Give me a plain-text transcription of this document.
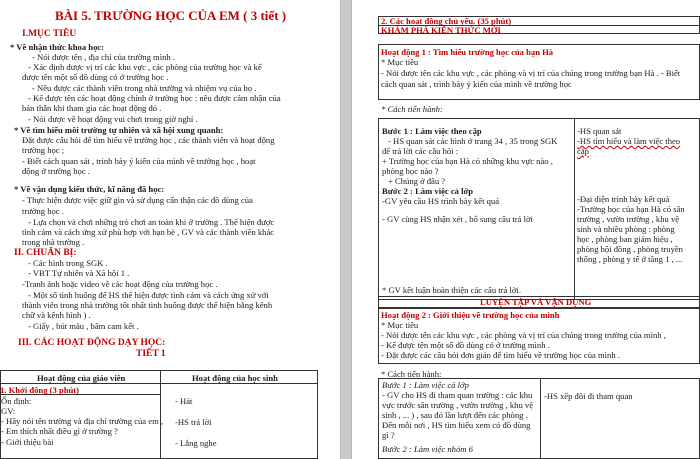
BÀI 5. TRƯỜNG HỌC CỦA EM ( 3 tiết )
I.MỤC TIÊU
* Về nhận thức khoa học:
- Nói được tên , địa chỉ của trường mình .
- Xác định được vị trí các khu vực , các phòng của trường học và kể
được tên một số đồ dùng có ở trường học .
- Nêu được các thành viên trong nhà trường và nhiệm vụ của họ .
- Kể được tên các hoạt động chính ở trường học : nêu được cảm nhận của
bản thân khi tham gia các hoạt động đó .
- Nói được về hoạt động vui chơi trong giờ nghỉ .
* Về tìm hiểu môi trường tự nhiên và xã hội xung quanh:
Đặt được câu hỏi để tìm hiểu về trường học , các thành viên và hoạt động
trường học ;
- Biết cách quan sát , trình bày ý kiến của mình về trường học , hoạt
động ở trường học .
* Về vận dụng kiến thức, kĩ năng đã học:
- Thực hiện được việc giữ gìn và sử dụng cẩn thận các đồ dùng của
trường học .
- Lựa chọn và chơi những trò chơi an toàn khi ở trường . Thể hiện được
tình cảm và cách ứng xử phù hợp với bạn bè , GV và các thành viên khác
trong nhà trường .
II. CHUẨN BỊ:
- Các hình trong SGK .
- VBT Tự nhiên và Xã hội 1 .
-Tranh ảnh hoặc video về các hoạt động của trường học .
- Một số tình huống để HS thể hiện được tình cảm và cách ứng xử với
thành viên trong nhà trường tốt nhất tình huống được thể hiện bằng kênh
chữ và kênh hình ) .
- Giấy , bút màu , băm cam kết .
III. CÁC HOẠT ĐỘNG DẠY HỌC:
TIẾT 1
Hoạt động của giáo viên	Hoạt động của học sinh
1. Khởi động (3 phút)
Ổn định:
GV:
- Hãy nói tên trường và địa chỉ trường của em ,
- Em thích nhất điều gì ở trường ?
- Giới thiệu bài
- Hát
-HS trả lời
- Lắng nghe
2. Các hoạt động chủ yếu. (35 phút)
KHÁM PHÁ KIẾN THỨC MỚI
Hoạt động 1 : Tìm hiểu trường học của bạn Hà
* Mục tiêu
- Nói được tên các khu vực , các phòng và vị trí của chúng trong trường bạn Hà . - Biết
cách quan sát , trình bày ý kiến của mình về trường học
* Cách tiến hành:
Bước 1 : Làm việc theo cặp
- HS quan sát các hình ở trang 34 , 35 trong SGK
để trả lời các câu hỏi :
+ Trường học của bạn Hà có những khu vực nào ,
phòng học nào ?
+ Chúng ở đâu ?
Bước 2 : Làm việc cả lớp
-GV yêu cầu HS trình bày kết quả
- GV cùng HS nhận xét , bổ sung câu trả lời
-HS quan sát
-HS tìm hiểu và làm việc theo
cặp
-Đại diện trình bày kết quả
-Trường học của bạn Hà có sân
trường , vườn trường , khu vệ
sinh và nhiều phòng : phòng
học , phòng ban giám hiệu ,
phòng hội đồng , phòng truyền
thống , phòng y tế ở tầng 1 , ...
* GV kết luận hoàn thiện các câu trả lời.
LUYỆN TẬP VÀ VẬN DỤNG
Hoạt động 2 : Giới thiệu về trường học của mình
* Mục tiêu
- Nói được tên các khu vực , các phòng và vị trí của chúng trong trường của mình ,
- Kể được tên một số đồ dùng có ở trường mình .
- Đặt được các câu hỏi đơn giản để tìm hiểu về trường học của mình .
* Cách tiến hành:
Bước 1 : Làm việc cả lớp
- GV cho HS đi tham quan trường : các khu
vực trước sân trường , vườn trường , khu vệ
sinh , ... ) , sau đó lần lượt đến các phòng .
Đến mỗi nơi , HS tìm hiểu xem có đồ dùng
gì ?
Bước 2 : Làm việc nhóm 6
-HS xếp đôi đi tham quan
